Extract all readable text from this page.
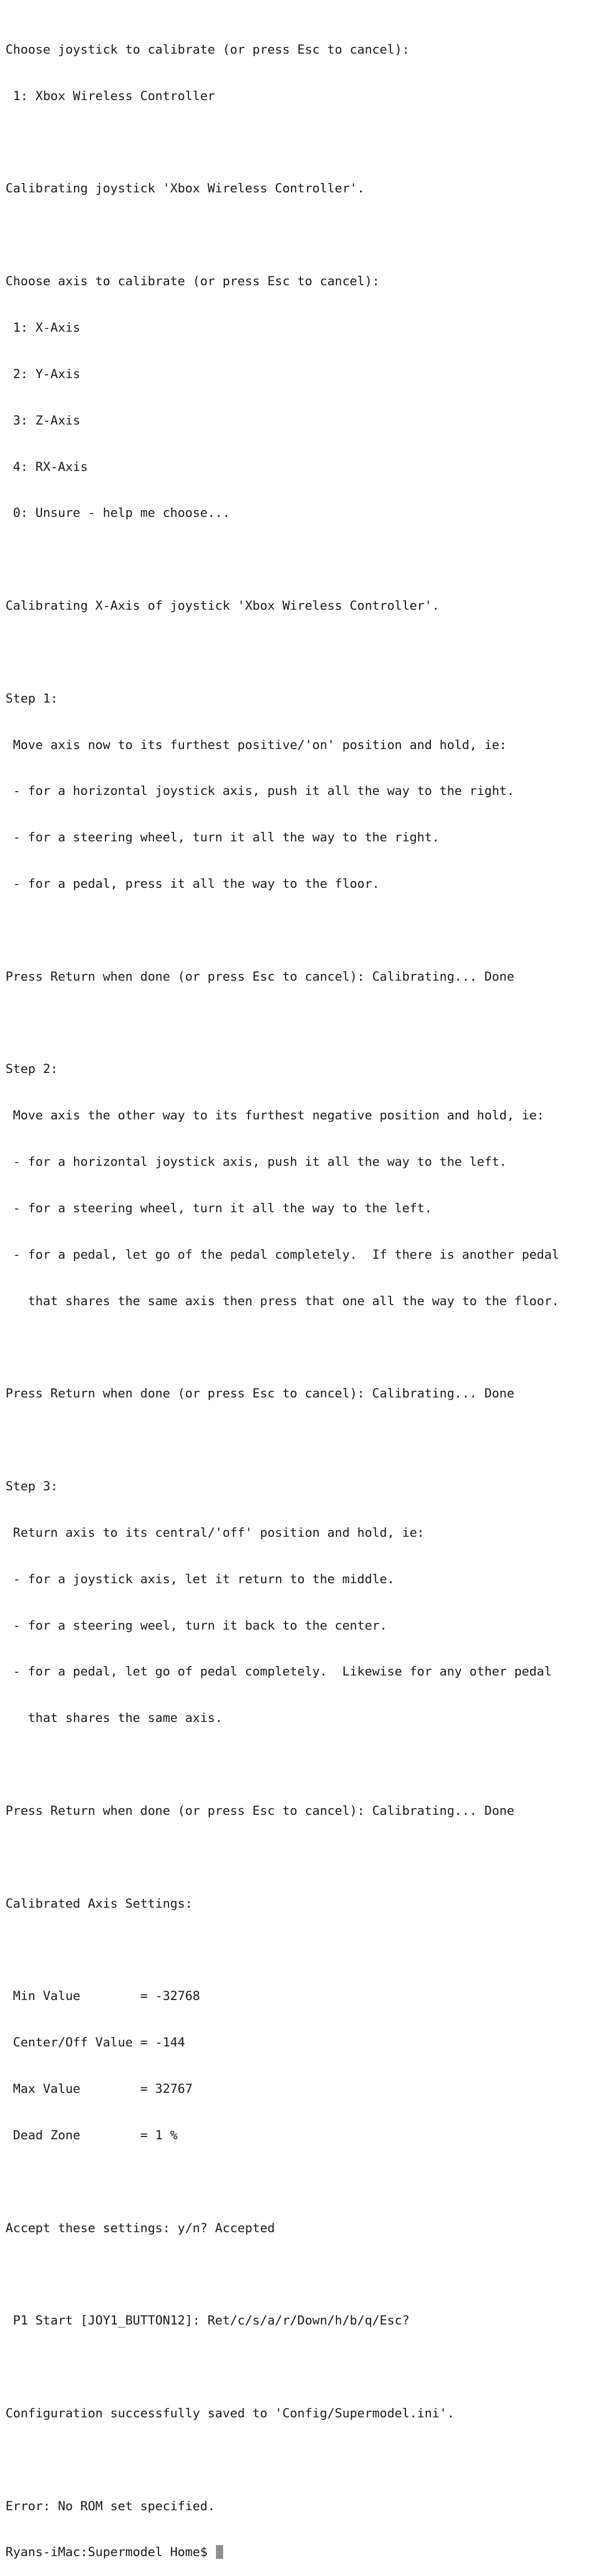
Choose joystick to calibrate (or press Esc to cancel):

1: Xbox Wireless Controller

Calibrating joystick 'Xbox Wireless Controller'.

Choose axis to calibrate (or press Esc to cancel):

1: X-Axis

2: Y-Axis

3: Z-Axis

4: RX-Axis

0: Unsure - help me choose...

Calibrating X-Axis of joystick 'Xbox Wireless Controller'.

Step 1:

Move axis now to its furthest positive/'on' position and hold, ie:

- for a horizontal joystick axis, push it all the way to the right.

- for a steering wheel, turn it all the way to the right.

- for a pedal, press it all the way to the floor.

Press Return when done (or press Esc to cancel): Calibrating... Done

Step 2:

Move axis the other way to its furthest negative position and hold, ie:

- for a horizontal joystick axis, push it all the way to the left.

- for a steering wheel, turn it all the way to the left.

- for a pedal, let go of the pedal completely.  If there is another pedal

that shares the same axis then press that one all the way to the floor.

Press Return when done (or press Esc to cancel): Calibrating... Done

Step 3:

Return axis to its central/'off' position and hold, ie:

- for a joystick axis, let it return to the middle.

- for a steering weel, turn it back to the center.

- for a pedal, let go of pedal completely.  Likewise for any other pedal

that shares the same axis.

Press Return when done (or press Esc to cancel): Calibrating... Done

Calibrated Axis Settings:

Min Value        = -32768

Center/Off Value = -144

Max Value        = 32767

Dead Zone        = 1 %

Accept these settings: y/n? Accepted

P1 Start [JOY1_BUTTON12]: Ret/c/s/a/r/Down/h/b/q/Esc?

Configuration successfully saved to 'Config/Supermodel.ini'.

Error: No ROM set specified.

Ryans-iMac:Supermodel Home$
